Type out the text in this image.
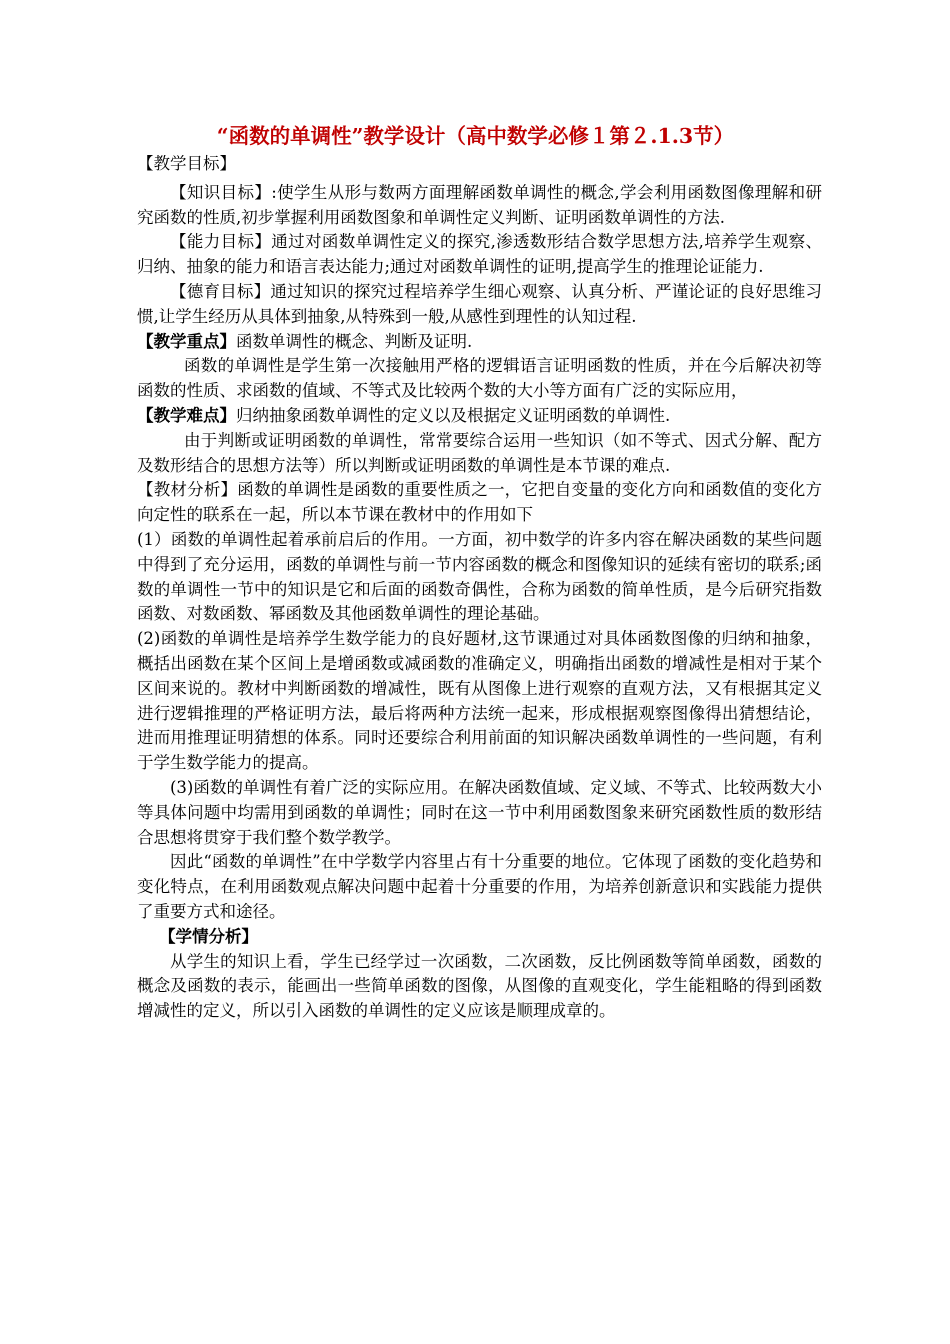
“函数的单调性”教学设计（高中数学必修１第２.1.3节）

【教学目标】

【知识目标】:使学生从形与数两方面理解函数单调性的概念,学会利用函数图像理解和研究函数的性质,初步掌握利用函数图象和单调性定义判断、证明函数单调性的方法.

【能力目标】通过对函数单调性定义的探究,渗透数形结合数学思想方法,培养学生观察、归纳、抽象的能力和语言表达能力;通过对函数单调性的证明,提高学生的推理论证能力.

【德育目标】通过知识的探究过程培养学生细心观察、认真分析、严谨论证的良好思维习惯,让学生经历从具体到抽象,从特殊到一般,从感性到理性的认知过程.

【教学重点】函数单调性的概念、判断及证明.

函数的单调性是学生第一次接触用严格的逻辑语言证明函数的性质，并在今后解决初等函数的性质、求函数的值域、不等式及比较两个数的大小等方面有广泛的实际应用，

【教学难点】归纳抽象函数单调性的定义以及根据定义证明函数的单调性.

由于判断或证明函数的单调性，常常要综合运用一些知识（如不等式、因式分解、配方及数形结合的思想方法等）所以判断或证明函数的单调性是本节课的难点.

【教材分析】函数的单调性是函数的重要性质之一，它把自变量的变化方向和函数值的变化方向定性的联系在一起，所以本节课在教材中的作用如下

(1）函数的单调性起着承前启后的作用。一方面，初中数学的许多内容在解决函数的某些问题中得到了充分运用，函数的单调性与前一节内容函数的概念和图像知识的延续有密切的联系;函数的单调性一节中的知识是它和后面的函数奇偶性，合称为函数的简单性质，是今后研究指数函数、对数函数、幂函数及其他函数单调性的理论基础。

(2)函数的单调性是培养学生数学能力的良好题材,这节课通过对具体函数图像的归纳和抽象，概括出函数在某个区间上是增函数或减函数的准确定义，明确指出函数的增减性是相对于某个区间来说的。教材中判断函数的增减性，既有从图像上进行观察的直观方法，又有根据其定义进行逻辑推理的严格证明方法，最后将两种方法统一起来，形成根据观察图像得出猜想结论，进而用推理证明猜想的体系。同时还要综合利用前面的知识解决函数单调性的一些问题，有利于学生数学能力的提高。

(3)函数的单调性有着广泛的实际应用。在解决函数值域、定义域、不等式、比较两数大小等具体问题中均需用到函数的单调性；同时在这一节中利用函数图象来研究函数性质的数形结合思想将贯穿于我们整个数学教学。

因此“函数的单调性”在中学数学内容里占有十分重要的地位。它体现了函数的变化趋势和变化特点，在利用函数观点解决问题中起着十分重要的作用，为培养创新意识和实践能力提供了重要方式和途径。

【学情分析】

从学生的知识上看，学生已经学过一次函数，二次函数，反比例函数等简单函数，函数的概念及函数的表示，能画出一些简单函数的图像，从图像的直观变化，学生能粗略的得到函数增减性的定义，所以引入函数的单调性的定义应该是顺理成章的。
